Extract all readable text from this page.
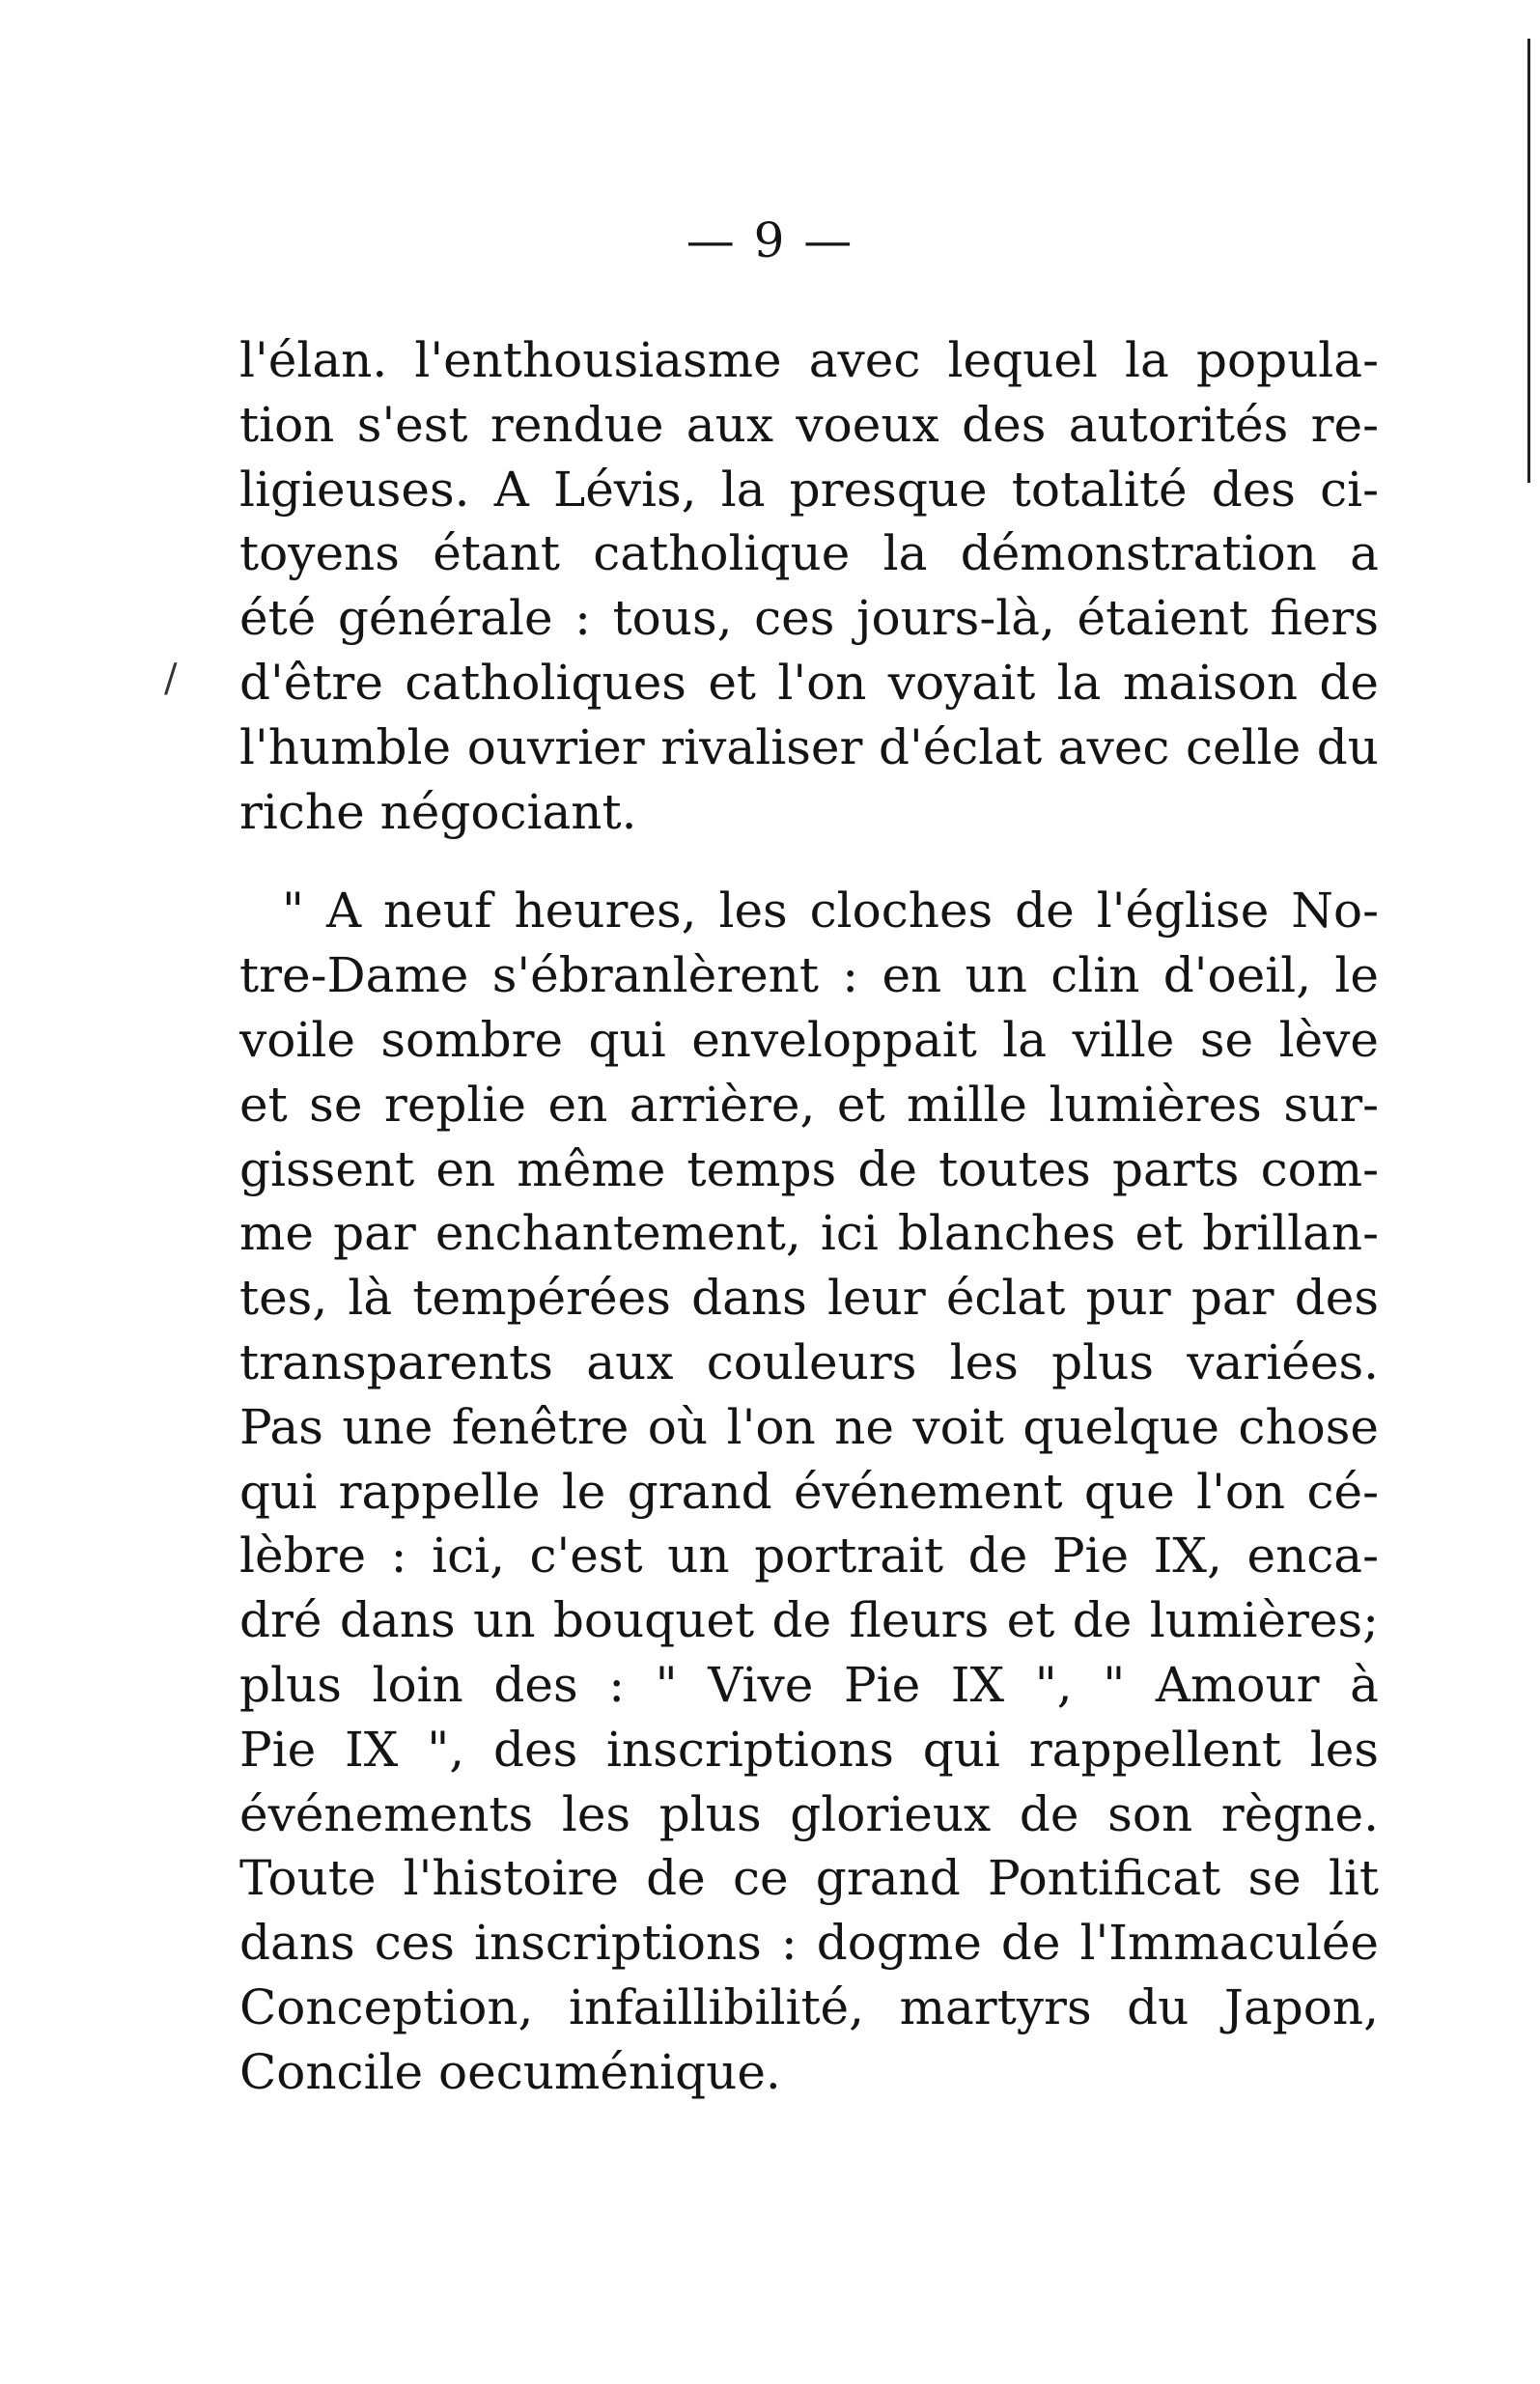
/
— 9 —
l'élan. l'enthousiasme avec lequel la popula-
tion s'est rendue aux voeux des autorités re-
ligieuses. A Lévis, la presque totalité des ci-
toyens étant catholique la démonstration a
été générale : tous, ces jours-là, étaient fiers
d'être catholiques et l'on voyait la maison de
l'humble ouvrier rivaliser d'éclat avec celle du
riche négociant.
" A neuf heures, les cloches de l'église No-
tre-Dame s'ébranlèrent : en un clin d'oeil, le
voile sombre qui enveloppait la ville se lève
et se replie en arrière, et mille lumières sur-
gissent en même temps de toutes parts com-
me par enchantement, ici blanches et brillan-
tes, là tempérées dans leur éclat pur par des
transparents aux couleurs les plus variées.
Pas une fenêtre où l'on ne voit quelque chose
qui rappelle le grand événement que l'on cé-
lèbre : ici, c'est un portrait de Pie IX, enca-
dré dans un bouquet de fleurs et de lumières;
plus loin des : " Vive Pie IX ", " Amour à
Pie IX ", des inscriptions qui rappellent les
événements les plus glorieux de son règne.
Toute l'histoire de ce grand Pontificat se lit
dans ces inscriptions : dogme de l'Immaculée
Conception, infaillibilité, martyrs du Japon,
Concile oecuménique.
